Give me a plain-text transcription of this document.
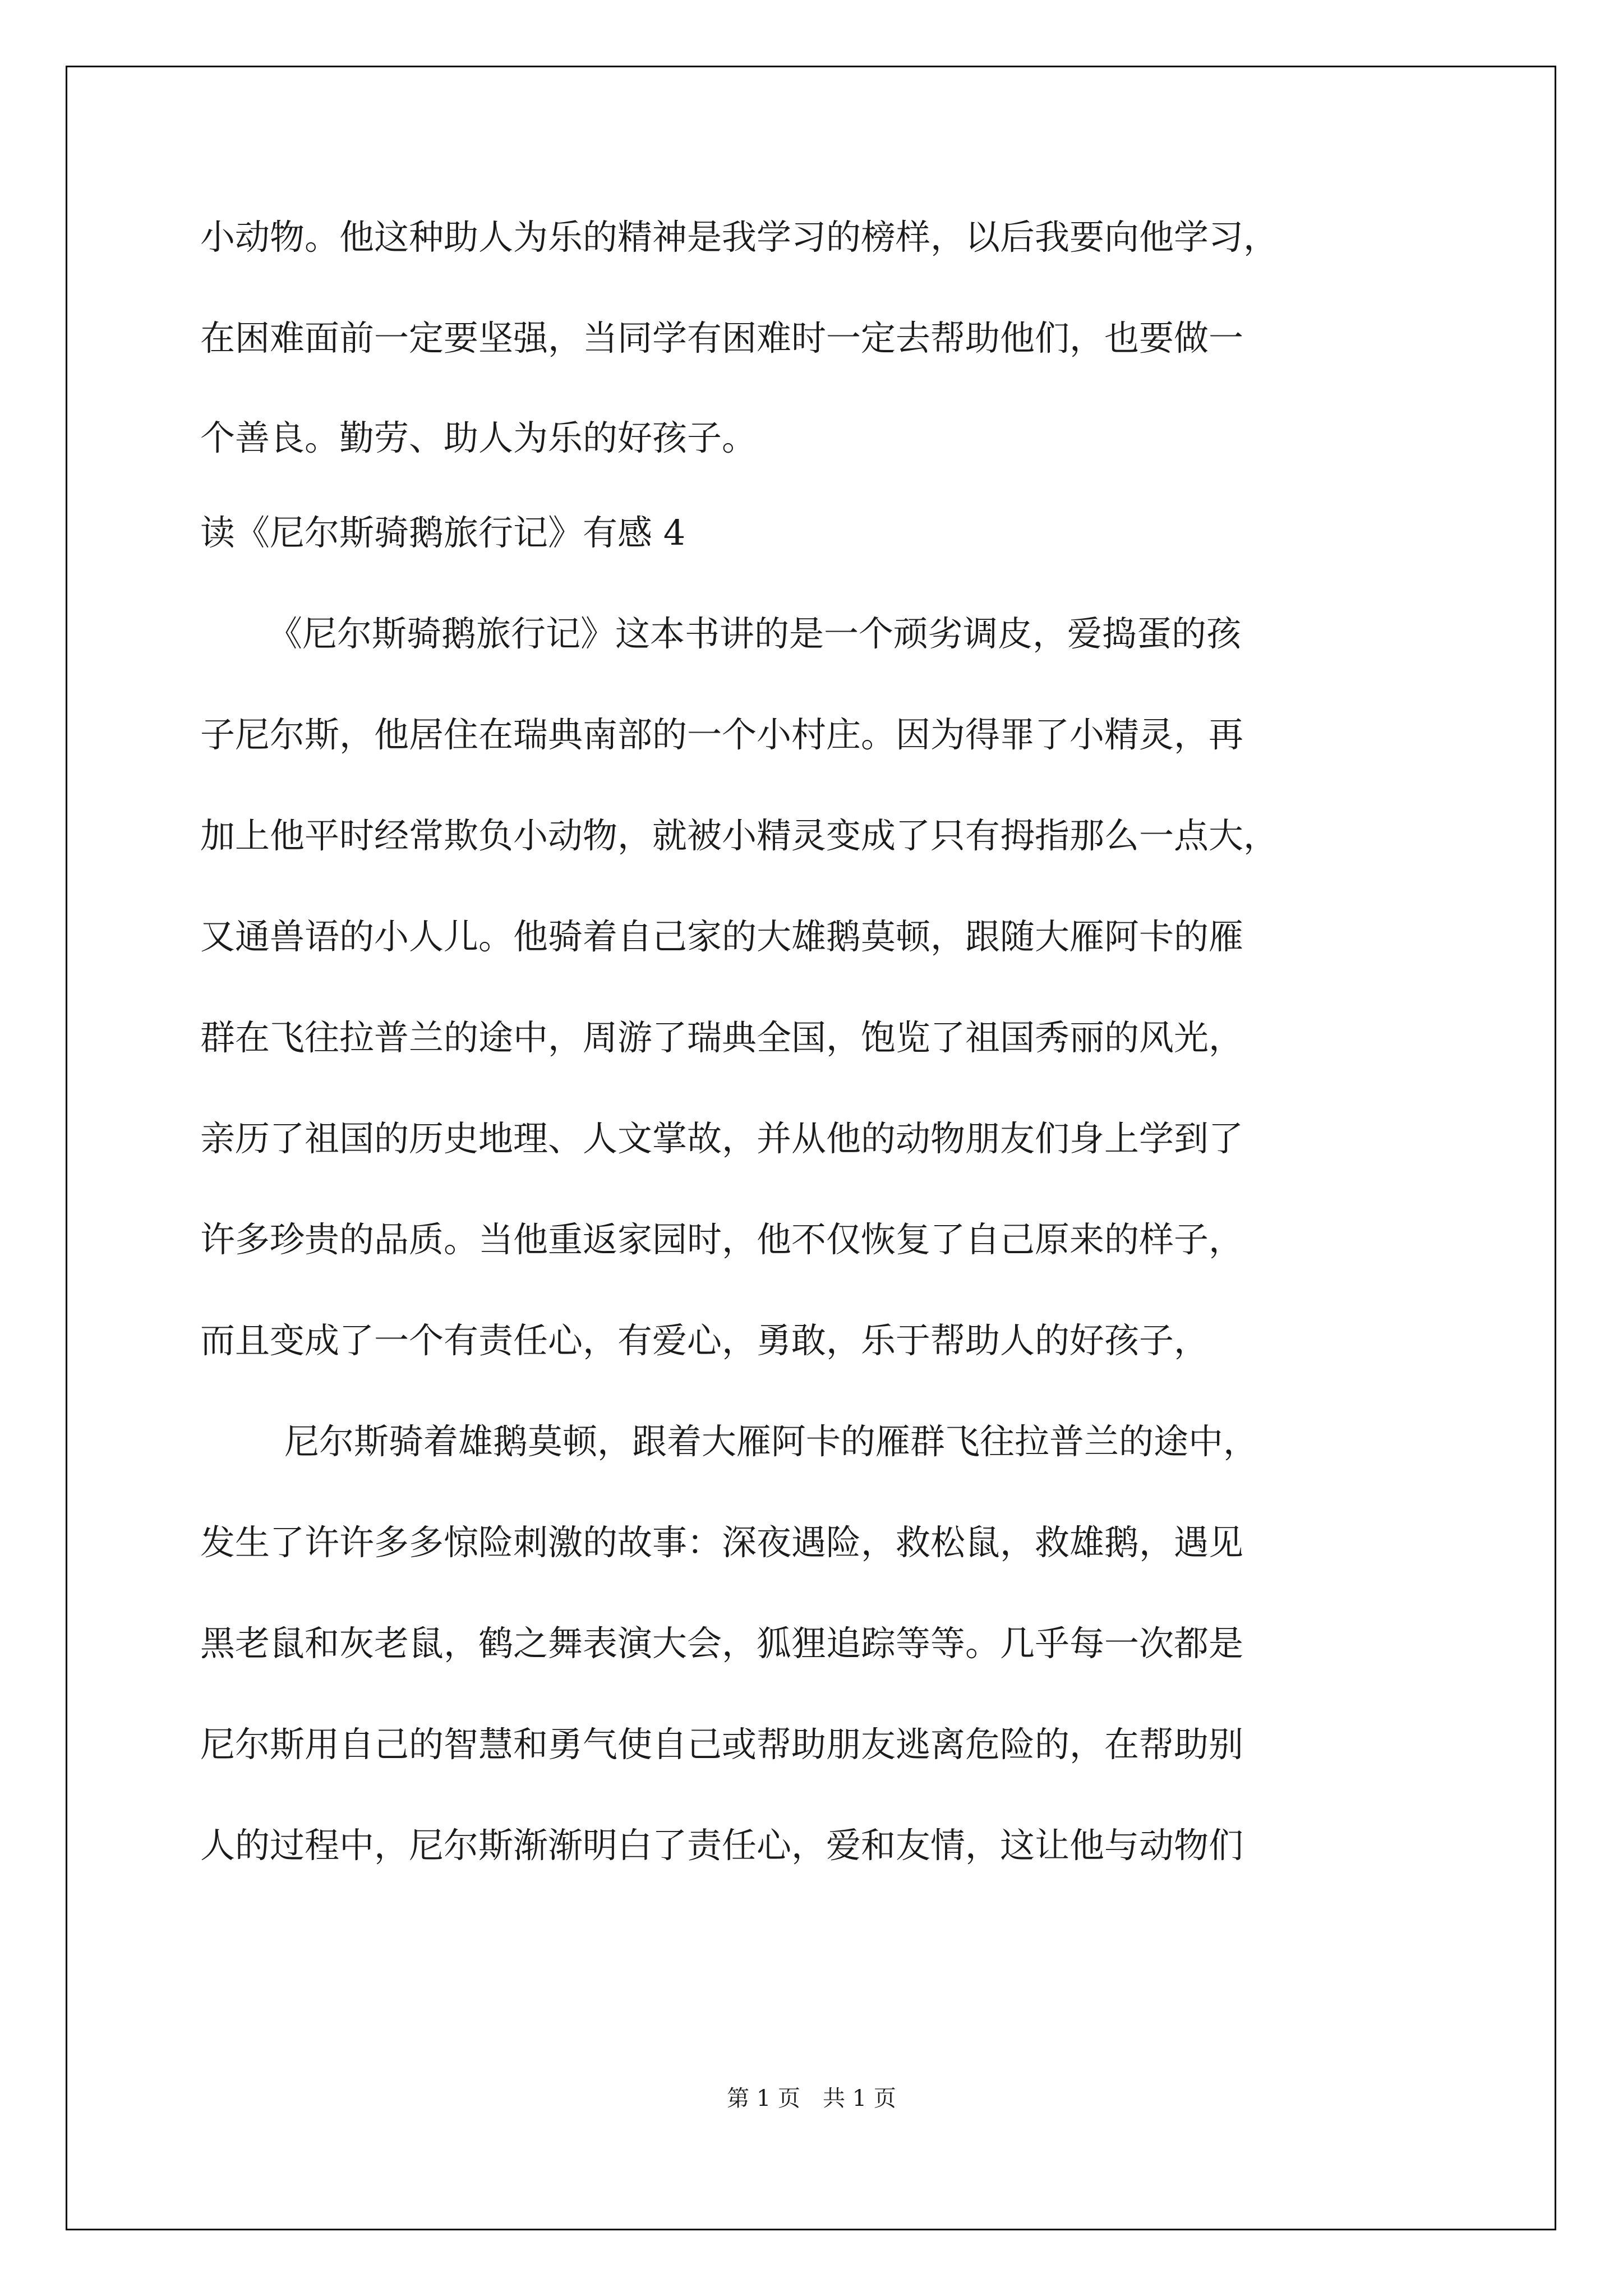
小动物。他这种助人为乐的精神是我学习的榜样，以后我要向他学习，
在困难面前一定要坚强，当同学有困难时一定去帮助他们，也要做一
个善良。勤劳、助人为乐的好孩子。
读《尼尔斯骑鹅旅行记》有感 4
《尼尔斯骑鹅旅行记》这本书讲的是一个顽劣调皮，爱捣蛋的孩
子尼尔斯，他居住在瑞典南部的一个小村庄。因为得罪了小精灵，再
加上他平时经常欺负小动物，就被小精灵变成了只有拇指那么一点大，
又通兽语的小人儿。他骑着自己家的大雄鹅莫顿，跟随大雁阿卡的雁
群在飞往拉普兰的途中，周游了瑞典全国，饱览了祖国秀丽的风光，
亲历了祖国的历史地理、人文掌故，并从他的动物朋友们身上学到了
许多珍贵的品质。当他重返家园时，他不仅恢复了自己原来的样子，
而且变成了一个有责任心，有爱心，勇敢，乐于帮助人的好孩子，
尼尔斯骑着雄鹅莫顿，跟着大雁阿卡的雁群飞往拉普兰的途中，
发生了许许多多惊险刺激的故事：深夜遇险，救松鼠，救雄鹅，遇见
黑老鼠和灰老鼠，鹤之舞表演大会，狐狸追踪等等。几乎每一次都是
尼尔斯用自己的智慧和勇气使自己或帮助朋友逃离危险的，在帮助别
人的过程中，尼尔斯渐渐明白了责任心，爱和友情，这让他与动物们
第 1 页　共 1 页
